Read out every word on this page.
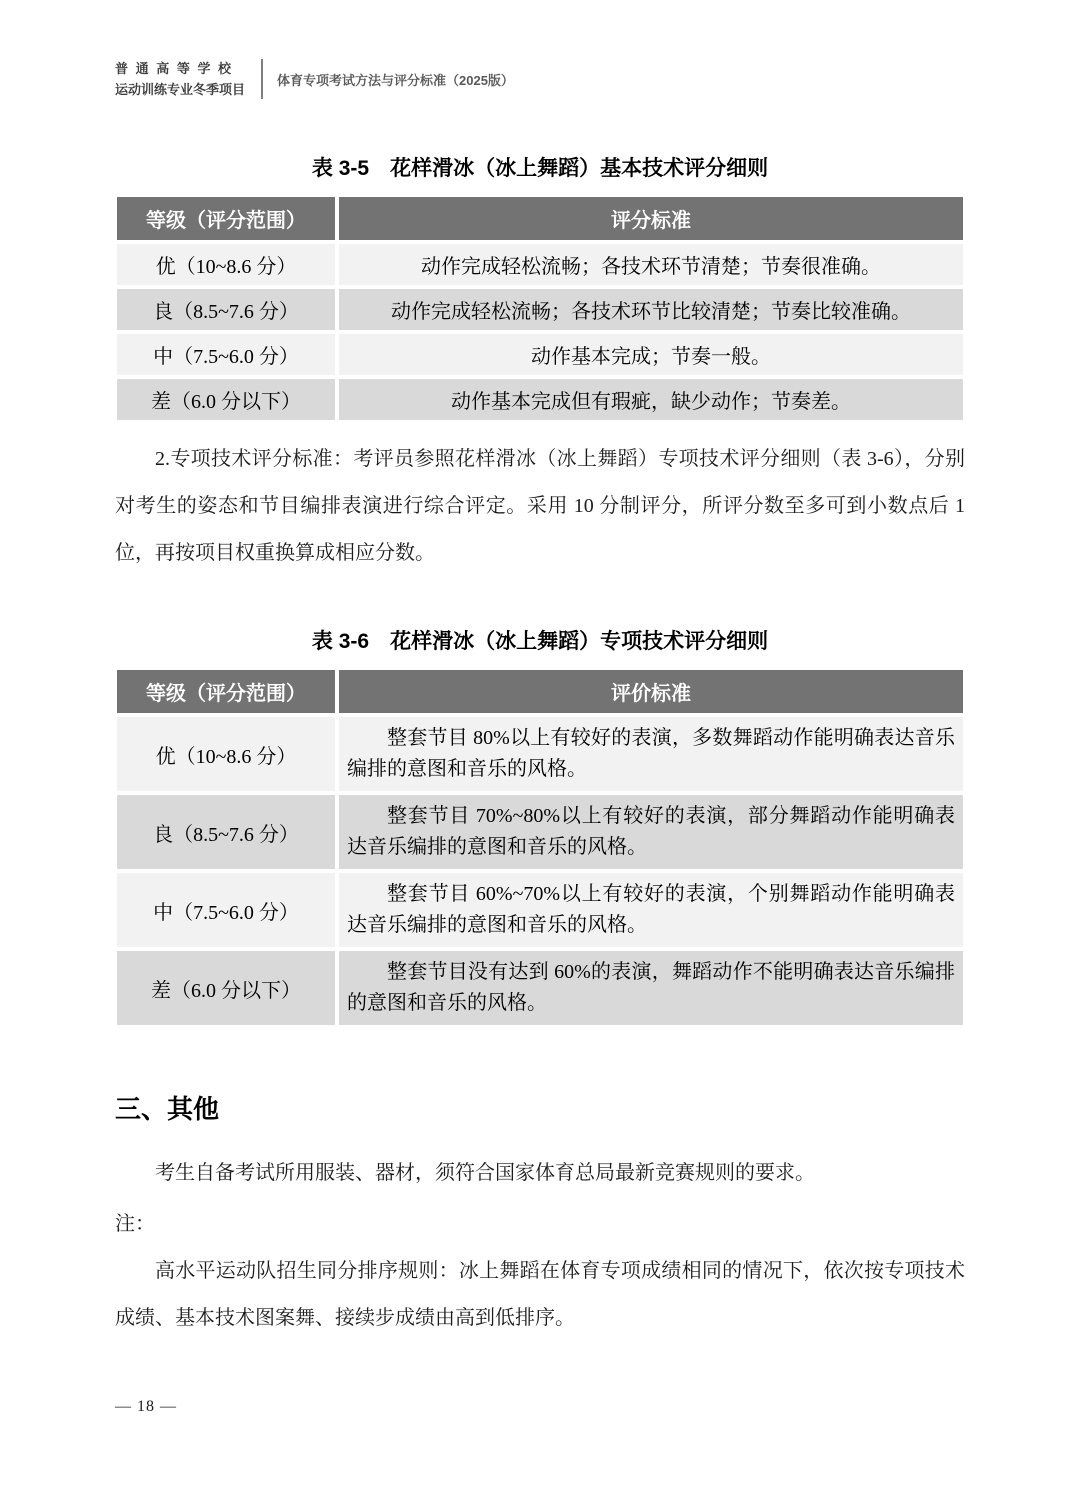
普 通 高 等 学 校
运动训练专业冬季项目
体育专项考试方法与评分标准（2025版）
表 3-5　花样滑冰（冰上舞蹈）基本技术评分细则
等级（评分范围）	评分标准
优（10~8.6 分）	动作完成轻松流畅；各技术环节清楚；节奏很准确。
良（8.5~7.6 分）	动作完成轻松流畅；各技术环节比较清楚；节奏比较准确。
中（7.5~6.0 分）	动作基本完成；节奏一般。
差（6.0 分以下）	动作基本完成但有瑕疵，缺少动作；节奏差。

2.专项技术评分标准：考评员参照花样滑冰（冰上舞蹈）专项技术评分细则（表 3-6），分别对考生的姿态和节目编排表演进行综合评定。采用 10 分制评分，所评分数至多可到小数点后 1 位，再按项目权重换算成相应分数。

表 3-6　花样滑冰（冰上舞蹈）专项技术评分细则
等级（评分范围）	评价标准
优（10~8.6 分）	整套节目 80%以上有较好的表演，多数舞蹈动作能明确表达音乐编排的意图和音乐的风格。
良（8.5~7.6 分）	整套节目 70%~80%以上有较好的表演，部分舞蹈动作能明确表达音乐编排的意图和音乐的风格。
中（7.5~6.0 分）	整套节目 60%~70%以上有较好的表演，个别舞蹈动作能明确表达音乐编排的意图和音乐的风格。
差（6.0 分以下）	整套节目没有达到 60%的表演，舞蹈动作不能明确表达音乐编排的意图和音乐的风格。
三、其他

考生自备考试所用服装、器材，须符合国家体育总局最新竞赛规则的要求。

注：

高水平运动队招生同分排序规则：冰上舞蹈在体育专项成绩相同的情况下，依次按专项技术成绩、基本技术图案舞、接续步成绩由高到低排序。

— 18 —
